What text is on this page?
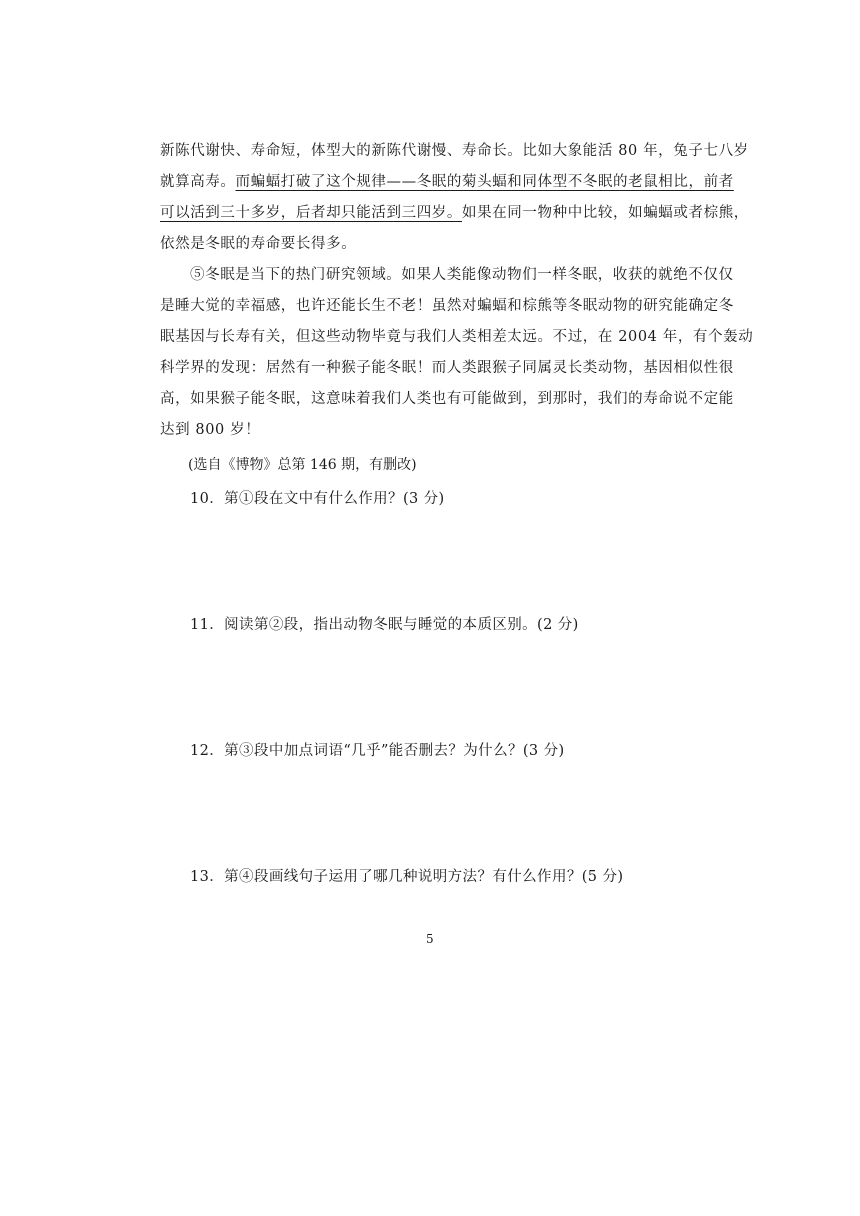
新陈代谢快、寿命短，体型大的新陈代谢慢、寿命长。比如大象能活 80 年，兔子七八岁
就算高寿。而蝙蝠打破了这个规律——冬眠的菊头蝠和同体型不冬眠的老鼠相比，前者
可以活到三十多岁，后者却只能活到三四岁。如果在同一物种中比较，如蝙蝠或者棕熊，
依然是冬眠的寿命要长得多。
⑤冬眠是当下的热门研究领域。如果人类能像动物们一样冬眠，收获的就绝不仅仅
是睡大觉的幸福感，也许还能长生不老！虽然对蝙蝠和棕熊等冬眠动物的研究能确定冬
眠基因与长寿有关，但这些动物毕竟与我们人类相差太远。不过，在 2004 年，有个轰动
科学界的发现：居然有一种猴子能冬眠！而人类跟猴子同属灵长类动物，基因相似性很
高，如果猴子能冬眠，这意味着我们人类也有可能做到，到那时，我们的寿命说不定能
达到 800 岁！
(选自《博物》总第 146 期，有删改)
10．第①段在文中有什么作用？(3 分)
11．阅读第②段，指出动物冬眠与睡觉的本质区别。(2 分)
12．第③段中加点词语“几乎”能否删去？为什么？(3 分)
13．第④段画线句子运用了哪几种说明方法？有什么作用？(5 分)
5
